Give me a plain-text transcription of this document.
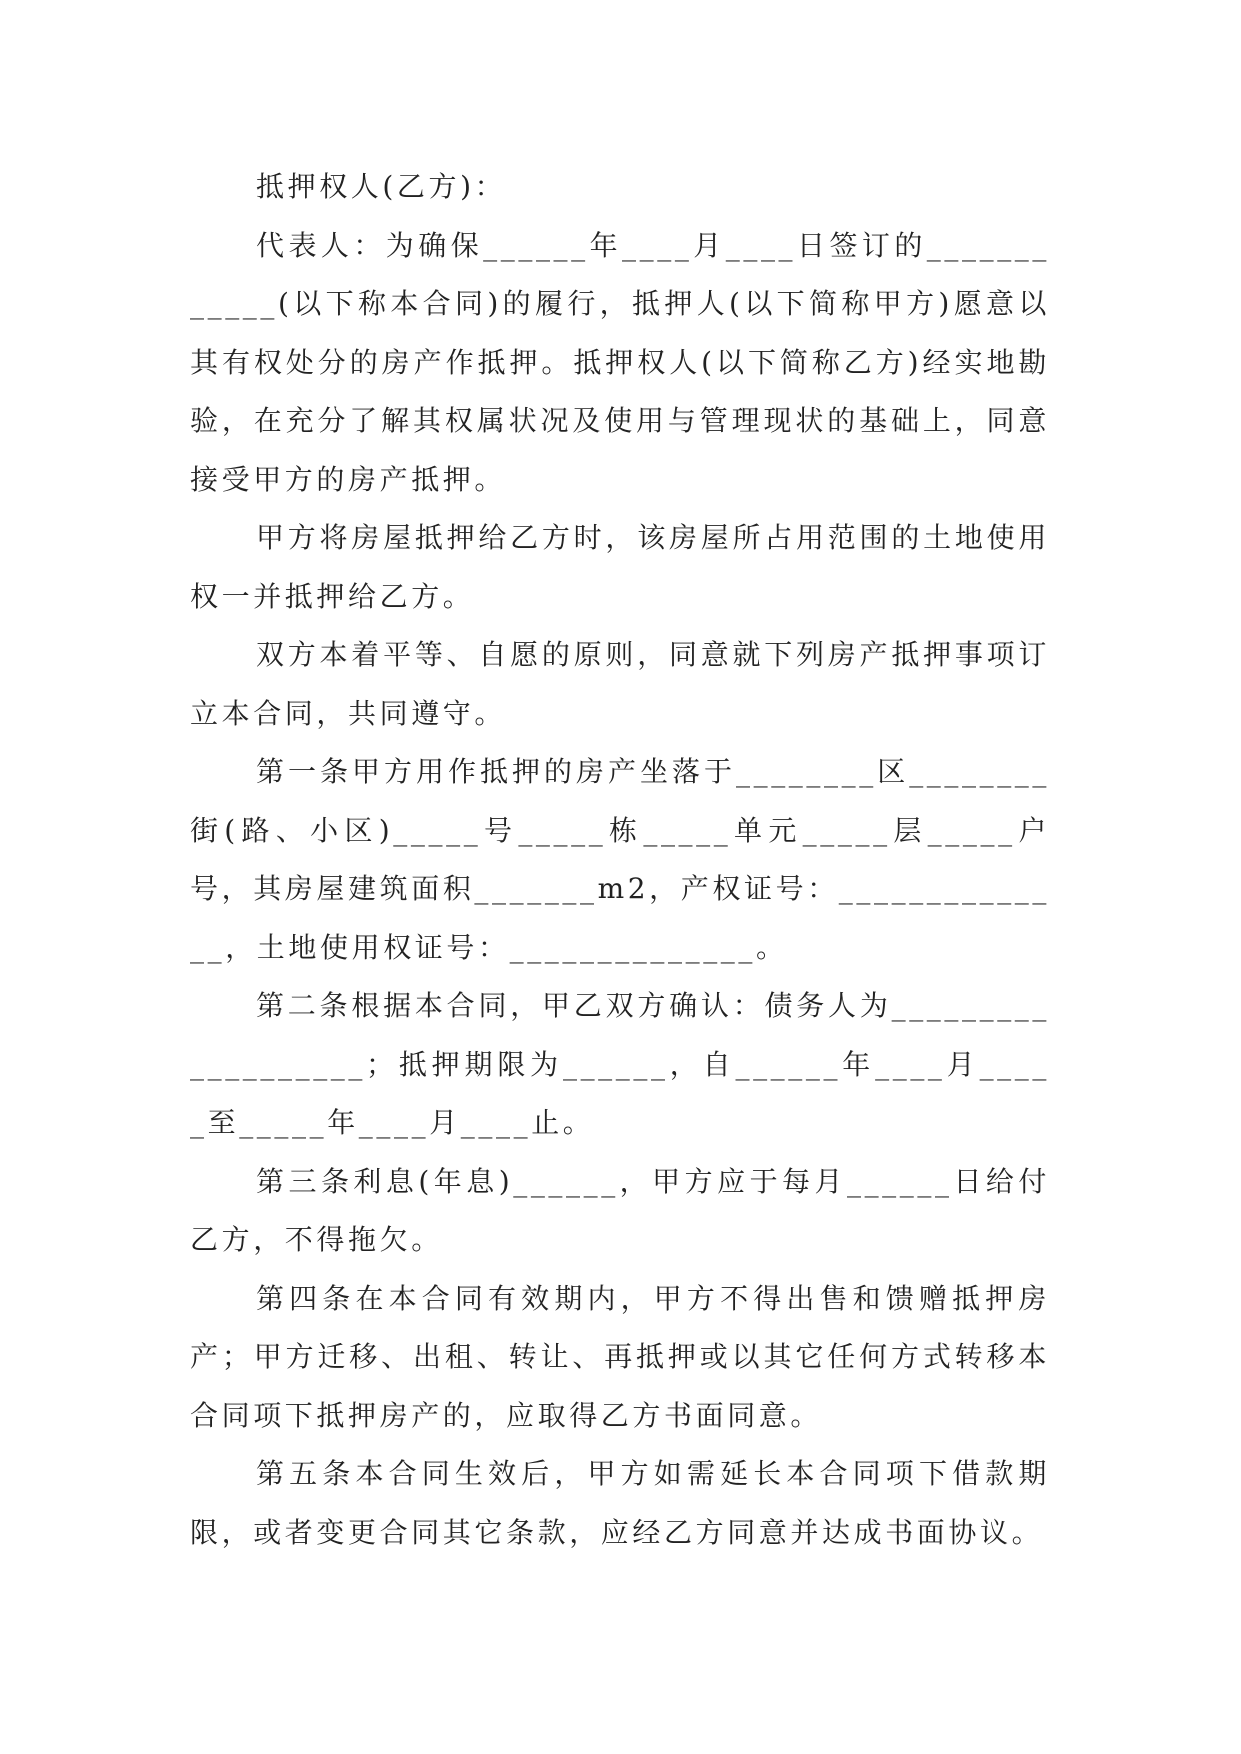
抵押权人(乙方)：

代表人：为确保______年____月____日签订的____________(以下称本合同)的履行，抵押人(以下简称甲方)愿意以其有权处分的房产作抵押。抵押权人(以下简称乙方)经实地勘验，在充分了解其权属状况及使用与管理现状的基础上，同意接受甲方的房产抵押。

甲方将房屋抵押给乙方时，该房屋所占用范围的土地使用权一并抵押给乙方。

双方本着平等、自愿的原则，同意就下列房产抵押事项订立本合同，共同遵守。

第一条甲方用作抵押的房产坐落于________区________街(路、小区)_____号_____栋_____单元_____层_____户号，其房屋建筑面积_______m2，产权证号：______________，土地使用权证号：______________。

第二条根据本合同，甲乙双方确认：债务人为___________________；抵押期限为______，自______年____月_____至_____年____月____止。

第三条利息(年息)______，甲方应于每月______日给付乙方，不得拖欠。

第四条在本合同有效期内，甲方不得出售和馈赠抵押房产；甲方迁移、出租、转让、再抵押或以其它任何方式转移本合同项下抵押房产的，应取得乙方书面同意。

第五条本合同生效后，甲方如需延长本合同项下借款期限，或者变更合同其它条款，应经乙方同意并达成书面协议。
